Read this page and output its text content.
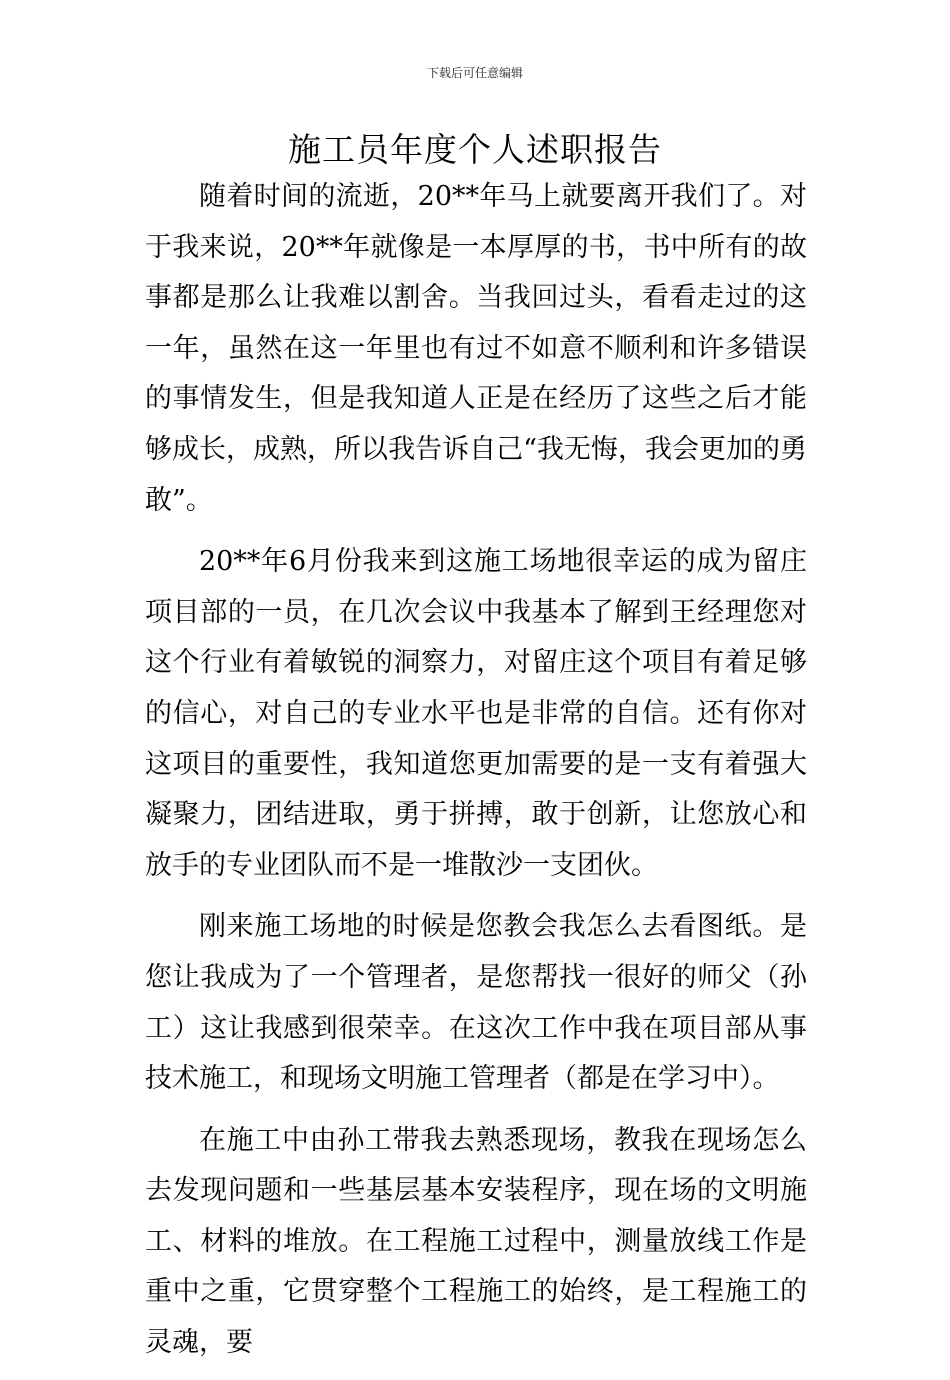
下载后可任意编辑
施工员年度个人述职报告

随着时间的流逝，20**年马上就要离开我们了。对于我来说，20**年就像是一本厚厚的书，书中所有的故事都是那么让我难以割舍。当我回过头，看看走过的这一年，虽然在这一年里也有过不如意不顺利和许多错误的事情发生，但是我知道人正是在经历了这些之后才能够成长，成熟，所以我告诉自己“我无悔，我会更加的勇敢”。

20**年6月份我来到这施工场地很幸运的成为留庄项目部的一员，在几次会议中我基本了解到王经理您对这个行业有着敏锐的洞察力，对留庄这个项目有着足够的信心，对自己的专业水平也是非常的自信。还有你对这项目的重要性，我知道您更加需要的是一支有着强大凝聚力，团结进取，勇于拼搏，敢于创新，让您放心和放手的专业团队而不是一堆散沙一支团伙。

刚来施工场地的时候是您教会我怎么去看图纸。是您让我成为了一个管理者，是您帮找一很好的师父（孙工）这让我感到很荣幸。在这次工作中我在项目部从事技术施工，和现场文明施工管理者（都是在学习中）。

在施工中由孙工带我去熟悉现场，教我在现场怎么去发现问题和一些基层基本安装程序，现在场的文明施工、材料的堆放。在工程施工过程中，测量放线工作是重中之重，它贯穿整个工程施工的始终，是工程施工的灵魂，要
